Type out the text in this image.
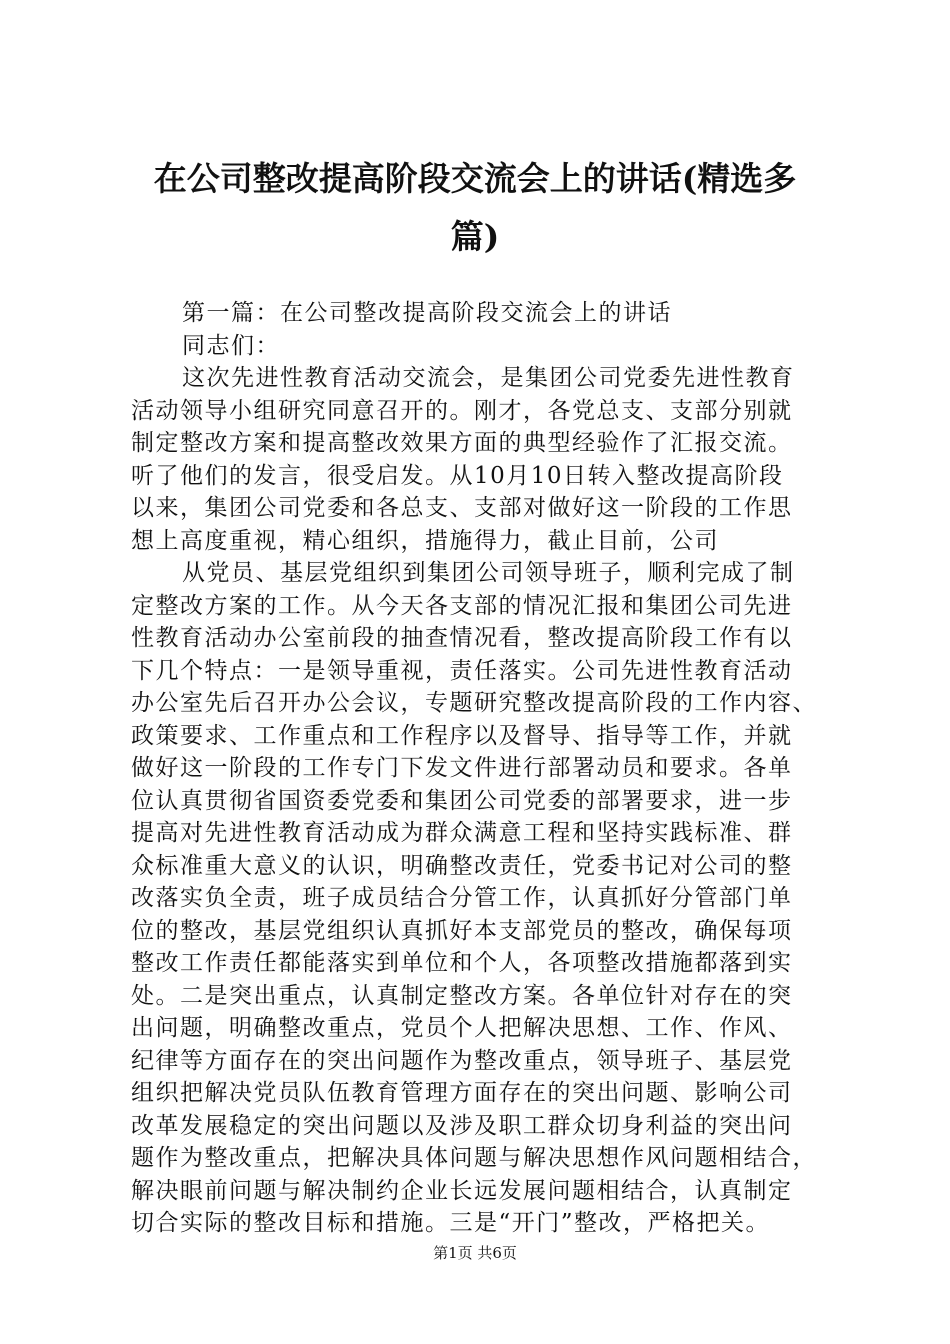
在公司整改提高阶段交流会上的讲话(精选多
篇)
第一篇：在公司整改提高阶段交流会上的讲话
同志们：
这次先进性教育活动交流会，是集团公司党委先进性教育
活动领导小组研究同意召开的。刚才，各党总支、支部分别就
制定整改方案和提高整改效果方面的典型经验作了汇报交流。
听了他们的发言，很受启发。从10月10日转入整改提高阶段
以来，集团公司党委和各总支、支部对做好这一阶段的工作思
想上高度重视，精心组织，措施得力，截止目前，公司
从党员、基层党组织到集团公司领导班子，顺利完成了制
定整改方案的工作。从今天各支部的情况汇报和集团公司先进
性教育活动办公室前段的抽查情况看，整改提高阶段工作有以
下几个特点：一是领导重视，责任落实。公司先进性教育活动
办公室先后召开办公会议，专题研究整改提高阶段的工作内容、
政策要求、工作重点和工作程序以及督导、指导等工作，并就
做好这一阶段的工作专门下发文件进行部署动员和要求。各单
位认真贯彻省国资委党委和集团公司党委的部署要求，进一步
提高对先进性教育活动成为群众满意工程和坚持实践标准、群
众标准重大意义的认识，明确整改责任，党委书记对公司的整
改落实负全责，班子成员结合分管工作，认真抓好分管部门单
位的整改，基层党组织认真抓好本支部党员的整改，确保每项
整改工作责任都能落实到单位和个人，各项整改措施都落到实
处。二是突出重点，认真制定整改方案。各单位针对存在的突
出问题，明确整改重点，党员个人把解决思想、工作、作风、
纪律等方面存在的突出问题作为整改重点，领导班子、基层党
组织把解决党员队伍教育管理方面存在的突出问题、影响公司
改革发展稳定的突出问题以及涉及职工群众切身利益的突出问
题作为整改重点，把解决具体问题与解决思想作风问题相结合，
解决眼前问题与解决制约企业长远发展问题相结合，认真制定
切合实际的整改目标和措施。三是“开门”整改，严格把关。
第1页 共6页
